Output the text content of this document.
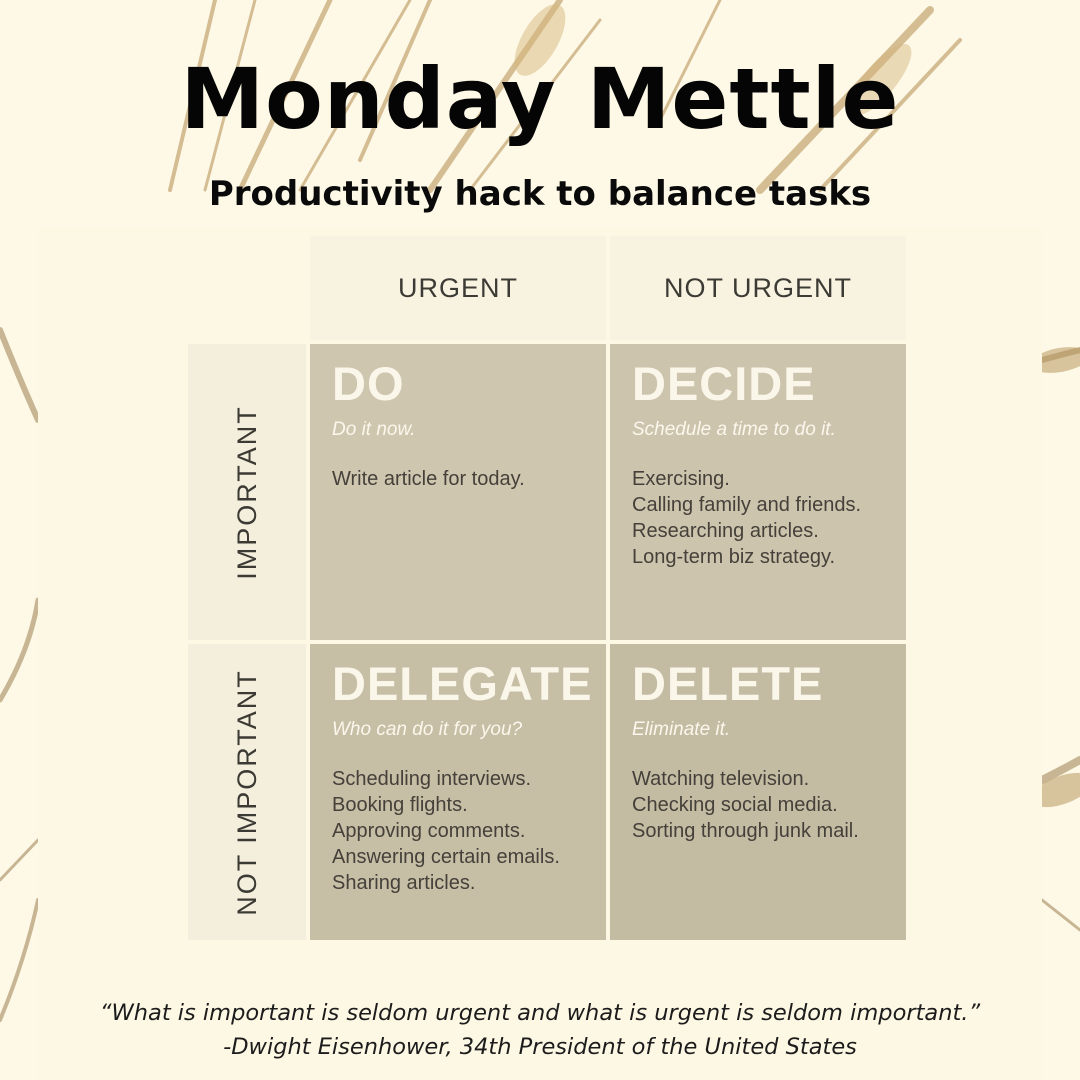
Monday Mettle
Productivity hack to balance tasks
URGENT	NOT URGENT
IMPORTANT
NOT IMPORTANT
DO

Do it now.

Write article for today.
DECIDE

Schedule a time to do it.

Exercising.
Calling family and friends.
Researching articles.
Long-term biz strategy.
DELEGATE

Who can do it for you?

Scheduling interviews.
Booking flights.
Approving comments.
Answering certain emails.
Sharing articles.
DELETE

Eliminate it.

Watching television.
Checking social media.
Sorting through junk mail.
“What is important is seldom urgent and what is urgent is seldom important.”
-Dwight Eisenhower, 34th President of the United States
